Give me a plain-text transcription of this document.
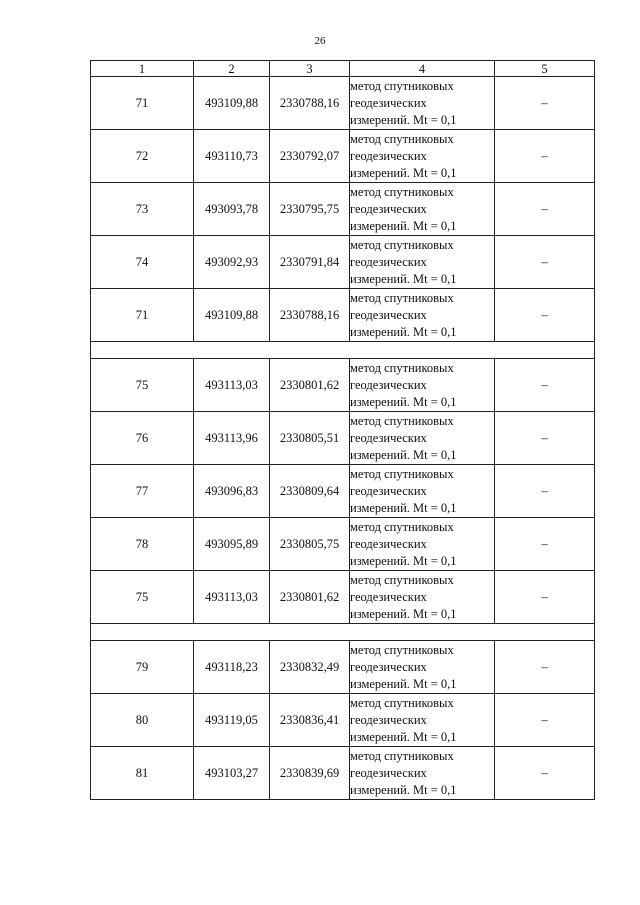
26
1	2	3	4	5
71	493109,88	2330788,16	метод спутниковых
геодезических
измерений. Mt = 0,1	–
72	493110,73	2330792,07	метод спутниковых
геодезических
измерений. Mt = 0,1	–
73	493093,78	2330795,75	метод спутниковых
геодезических
измерений. Mt = 0,1	–
74	493092,93	2330791,84	метод спутниковых
геодезических
измерений. Mt = 0,1	–
71	493109,88	2330788,16	метод спутниковых
геодезических
измерений. Mt = 0,1	–

75	493113,03	2330801,62	метод спутниковых
геодезических
измерений. Mt = 0,1	–
76	493113,96	2330805,51	метод спутниковых
геодезических
измерений. Mt = 0,1	–
77	493096,83	2330809,64	метод спутниковых
геодезических
измерений. Mt = 0,1	–
78	493095,89	2330805,75	метод спутниковых
геодезических
измерений. Mt = 0,1	–
75	493113,03	2330801,62	метод спутниковых
геодезических
измерений. Mt = 0,1	–

79	493118,23	2330832,49	метод спутниковых
геодезических
измерений. Mt = 0,1	–
80	493119,05	2330836,41	метод спутниковых
геодезических
измерений. Mt = 0,1	–
81	493103,27	2330839,69	метод спутниковых
геодезических
измерений. Mt = 0,1	–
